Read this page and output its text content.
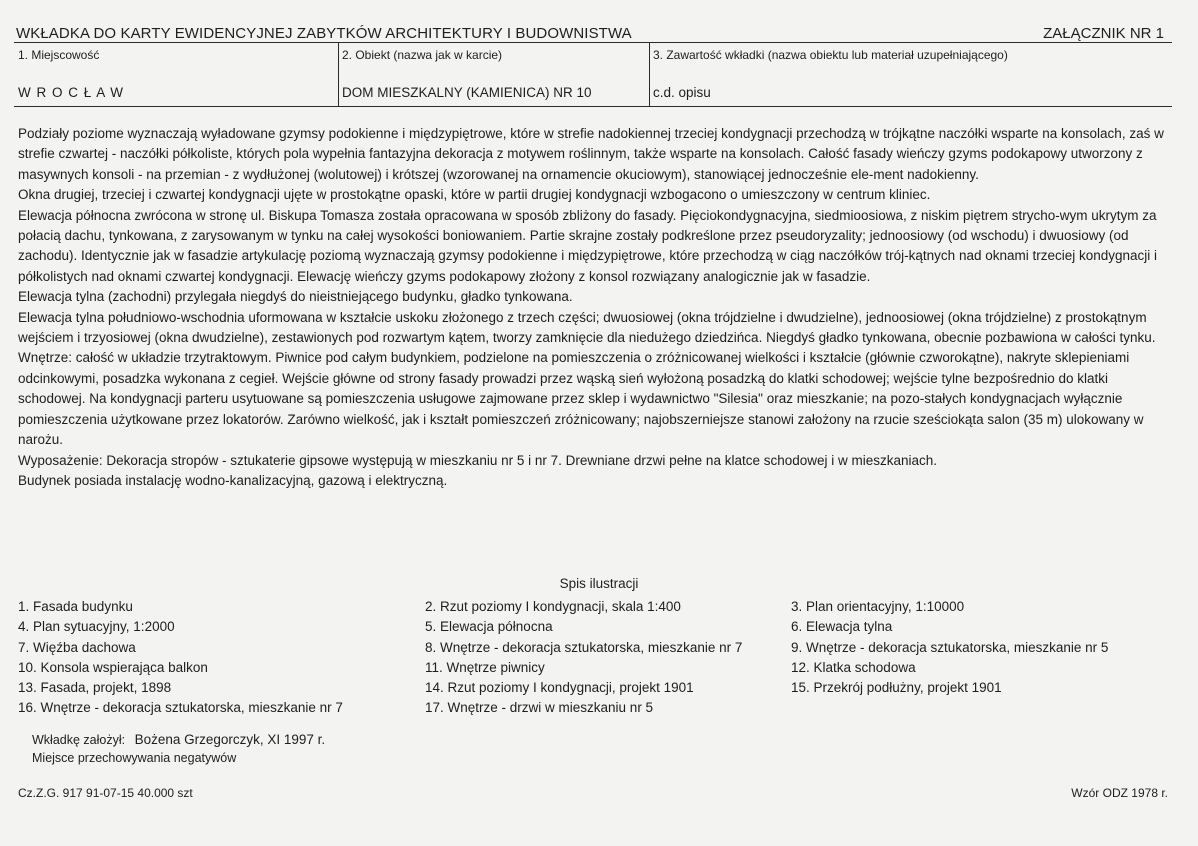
WKŁADKA DO KARTY EWIDENCYJNEJ ZABYTKÓW ARCHITEKTURY I BUDOWNISTWA	ZAŁĄCZNIK NR 1
1. Miejscowość
W R O C Ł A W
2. Obiekt (nazwa jak w karcie)
DOM MIESZKALNY (KAMIENICA) NR 10
3. Zawartość wkładki (nazwa obiektu lub materiał uzupełniającego)
c.d. opisu

Podziały poziome wyznaczają wyładowane gzymsy podokienne i międzypiętrowe, które w strefie nadokiennej trzeciej kondygnacji przechodzą w trójkątne naczółki wsparte na konsolach, zaś w strefie czwartej - naczółki półkoliste, których pola wypełnia fantazyjna dekoracja z motywem roślinnym, także wsparte na konsolach. Całość fasady wieńczy gzyms podokapowy utworzony z masywnych konsoli - na przemian - z wydłużonej (wolutowej) i krótszej (wzorowanej na ornamencie okuciowym), stanowiącej jednocześnie ele-ment nadokienny.

Okna drugiej, trzeciej i czwartej kondygnacji ujęte w prostokątne opaski, które w partii drugiej kondygnacji wzbogacono o umieszczony w centrum kliniec.

Elewacja północna zwrócona w stronę ul. Biskupa Tomasza została opracowana w sposób zbliżony do fasady. Pięciokondygnacyjna, siedmioosiowa, z niskim piętrem strycho-wym ukrytym za połacią dachu, tynkowana, z zarysowanym w tynku na całej wysokości boniowaniem. Partie skrajne zostały podkreślone przez pseudoryzality; jednoosiowy (od wschodu) i dwuosiowy (od zachodu). Identycznie jak w fasadzie artykulację poziomą wyznaczają gzymsy podokienne i międzypiętrowe, które przechodzą w ciąg naczółków trój-kątnych nad oknami trzeciej kondygnacji i półkolistych nad oknami czwartej kondygnacji. Elewację wieńczy gzyms podokapowy złożony z konsol rozwiązany analogicznie jak w fasadzie.

Elewacja tylna (zachodni) przylegała niegdyś do nieistniejącego budynku, gładko tynkowana.

Elewacja tylna południowo-wschodnia uformowana w kształcie uskoku złożonego z trzech części; dwuosiowej (okna trójdzielne i dwudzielne), jednoosiowej (okna trójdzielne) z prostokątnym wejściem i trzyosiowej (okna dwudzielne), zestawionych pod rozwartym kątem, tworzy zamknięcie dla niedużego dziedzińca. Niegdyś gładko tynkowana, obecnie pozbawiona w całości tynku.

Wnętrze: całość w układzie trzytraktowym. Piwnice pod całym budynkiem, podzielone na pomieszczenia o zróżnicowanej wielkości i kształcie (głównie czworokątne), nakryte sklepieniami odcinkowymi, posadzka wykonana z cegieł. Wejście główne od strony fasady prowadzi przez wąską sień wyłożoną posadzką do klatki schodowej; wejście tylne bezpośrednio do klatki schodowej. Na kondygnacji parteru usytuowane są pomieszczenia usługowe zajmowane przez sklep i wydawnictwo "Silesia" oraz mieszkanie; na pozo-stałych kondygnacjach wyłącznie pomieszczenia użytkowane przez lokatorów. Zarówno wielkość, jak i kształt pomieszczeń zróżnicowany; najobszerniejsze stanowi założony na rzucie sześciokąta salon (35 m) ulokowany w narożu.

Wyposażenie: Dekoracja stropów - sztukaterie gipsowe występują w mieszkaniu nr 5 i nr 7. Drewniane drzwi pełne na klatce schodowej i w mieszkaniach.

Budynek posiada instalację wodno-kanalizacyjną, gazową i elektryczną.

Spis ilustracji
1. Fasada budynku
4. Plan sytuacyjny, 1:2000
7. Więźba dachowa
10. Konsola wspierająca balkon
13. Fasada, projekt, 1898
16. Wnętrze - dekoracja sztukatorska, mieszkanie nr 7
2. Rzut poziomy I kondygnacji, skala 1:400
5. Elewacja północna
8. Wnętrze - dekoracja sztukatorska, mieszkanie nr 7
11. Wnętrze piwnicy
14. Rzut poziomy I kondygnacji, projekt 1901
17. Wnętrze - drzwi w mieszkaniu nr 5
3. Plan orientacyjny, 1:10000
6. Elewacja tylna
9. Wnętrze - dekoracja sztukatorska, mieszkanie nr 5
12. Klatka schodowa
15. Przekrój podłużny, projekt 1901
Wkładkę założył: Bożena Grzegorczyk, XI 1997 r.
Miejsce przechowywania negatywów
Cz.Z.G. 917 91-07-15 40.000 szt	Wzór ODZ 1978 r.
